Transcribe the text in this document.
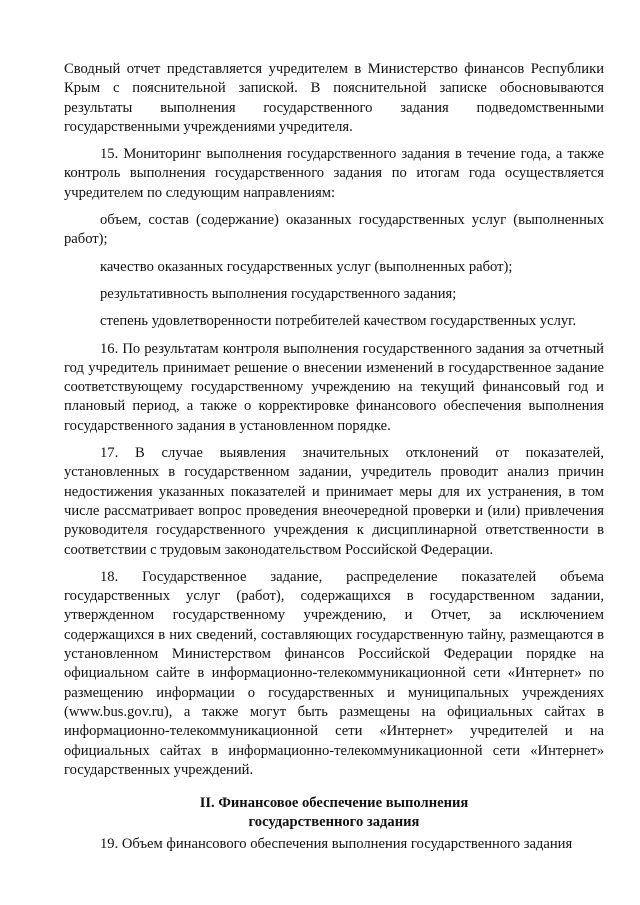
Сводный отчет представляется учредителем в Министерство финансов Республики Крым с пояснительной запиской. В пояснительной записке обосновываются результаты выполнения государственного задания подведомственными государственными учреждениями учредителя.

15. Мониторинг выполнения государственного задания в течение года, а также контроль выполнения государственного задания по итогам года осуществляется учредителем по следующим направлениям:

объем, состав (содержание) оказанных государственных услуг (выполненных работ);

качество оказанных государственных услуг (выполненных работ);

результативность выполнения государственного задания;

степень удовлетворенности потребителей качеством государственных услуг.

16. По результатам контроля выполнения государственного задания за отчетный год учредитель принимает решение о внесении изменений в государственное задание соответствующему государственному учреждению на текущий финансовый год и плановый период, а также о корректировке финансового обеспечения выполнения государственного задания в установленном порядке.

17. В случае выявления значительных отклонений от показателей, установленных в государственном задании, учредитель проводит анализ причин недостижения указанных показателей и принимает меры для их устранения, в том числе рассматривает вопрос проведения внеочередной проверки и (или) привлечения руководителя государственного учреждения к дисциплинарной ответственности в соответствии с трудовым законодательством Российской Федерации.

18. Государственное задание, распределение показателей объема государственных услуг (работ), содержащихся в государственном задании, утвержденном государственному учреждению, и Отчет, за исключением содержащихся в них сведений, составляющих государственную тайну, размещаются в установленном Министерством финансов Российской Федерации порядке на официальном сайте в информационно-телекоммуникационной сети «Интернет» по размещению информации о государственных и муниципальных учреждениях (www.bus.gov.ru), а также могут быть размещены на официальных сайтах в информационно-телекоммуникационной сети «Интернет» учредителей и на официальных сайтах в информационно-телекоммуникационной сети «Интернет» государственных учреждений.

II. Финансовое обеспечение выполнения
государственного задания

19. Объем финансового обеспечения выполнения государственного задания
